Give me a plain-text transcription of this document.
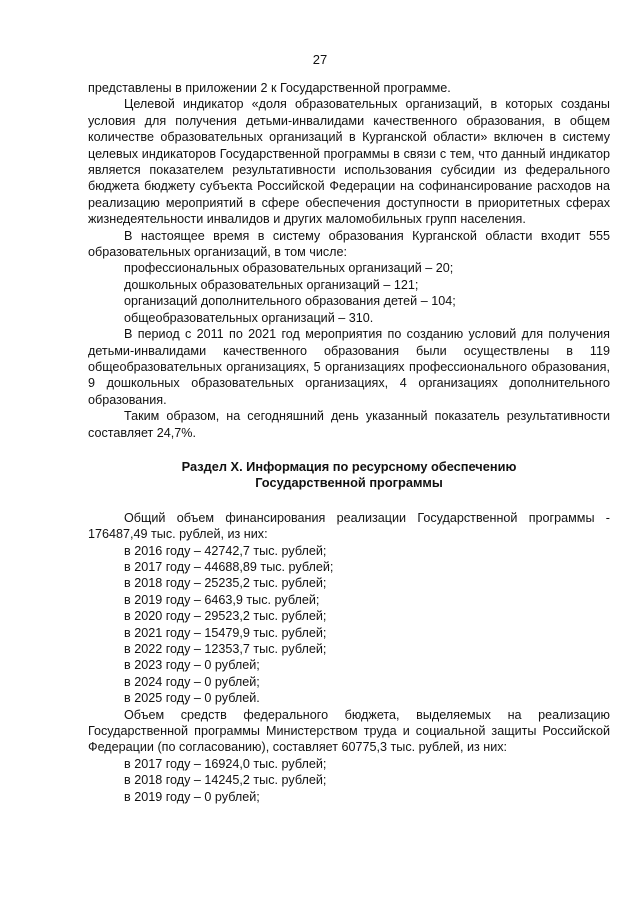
27

представлены в приложении 2 к Государственной программе.

Целевой индикатор «доля образовательных организаций, в которых созданы условия для получения детьми-инвалидами качественного образования, в общем количестве образовательных организаций в Курганской области» включен в систему целевых индикаторов Государственной программы в связи с тем, что данный индикатор является показателем результативности использования субсидии из федерального бюджета бюджету субъекта Российской Федерации на софинансирование расходов на реализацию мероприятий в сфере обеспечения доступности в приоритетных сферах жизнедеятельности инвалидов и других маломобильных групп населения.

В настоящее время в систему образования Курганской области входит 555 образовательных организаций, в том числе:

профессиональных образовательных организаций – 20;

дошкольных образовательных организаций – 121;

организаций дополнительного образования детей – 104;

общеобразовательных организаций – 310.

В период с 2011 по 2021 год мероприятия по созданию условий для получения детьми-инвалидами качественного образования были осуществлены в 119 общеобразовательных организациях, 5 организациях профессионального образования, 9 дошкольных образовательных организациях, 4 организациях дополнительного образования.

Таким образом, на сегодняшний день указанный показатель результативности составляет 24,7%.

Раздел X. Информация по ресурсному обеспечению
Государственной программы

Общий объем финансирования реализации Государственной программы - 176487,49 тыс. рублей, из них:

в 2016 году – 42742,7 тыс. рублей;

в 2017 году – 44688,89 тыс. рублей;

в 2018 году – 25235,2 тыс. рублей;

в 2019 году – 6463,9 тыс. рублей;

в 2020 году – 29523,2 тыс. рублей;

в 2021 году – 15479,9 тыс. рублей;

в 2022 году – 12353,7 тыс. рублей;

в 2023 году – 0 рублей;

в 2024 году – 0 рублей;

в 2025 году – 0 рублей.

Объем средств федерального бюджета, выделяемых на реализацию Государственной программы Министерством труда и социальной защиты Российской Федерации (по согласованию), составляет 60775,3 тыс. рублей, из них:

в 2017 году – 16924,0 тыс. рублей;

в 2018 году – 14245,2 тыс. рублей;

в 2019 году – 0 рублей;
